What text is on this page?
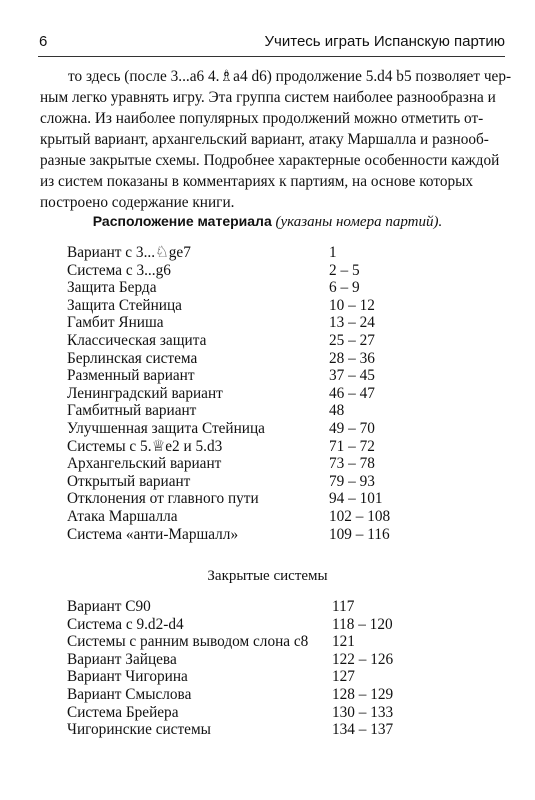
6	Учитесь играть Испанскую партию

то здесь (после 3...а6 4.♗a4 d6) продолжение 5.d4 b5 позволяет чер-
ным легко уравнять игру. Эта группа систем наиболее разнообразна и
сложна. Из наиболее популярных продолжений можно отметить от-
крытый вариант, архангельский вариант, атаку Маршалла и разнооб-
разные закрытые схемы. Подробнее характерные особенности каждой
из систем показаны в комментариях к партиям, на основе которых
построено содержание книги.

Расположение материала (указаны номера партий).
Вариант с 3...♘ge7	1
Система с 3...g6	2 – 5
Защита Берда	6 – 9
Защита Стейница	10 – 12
Гамбит Яниша	13 – 24
Классическая защита	25 – 27
Берлинская система	28 – 36
Разменный вариант	37 – 45
Ленинградский вариант	46 – 47
Гамбитный вариант	48
Улучшенная защита Стейница	49 – 70
Системы с 5.♕e2 и 5.d3	71 – 72
Архангельский вариант	73 – 78
Открытый вариант	79 – 93
Отклонения от главного пути	94 – 101
Атака Маршалла	102 – 108
Система «анти-Маршалл»	109 – 116
Закрытые системы
Вариант С90	117
Система с 9.d2-d4	118 – 120
Системы с ранним выводом слона с8 121
Вариант Зайцева	122 – 126
Вариант Чигорина	127
Вариант Смыслова	128 – 129
Система Брейера	130 – 133
Чигоринские системы	134 – 137
